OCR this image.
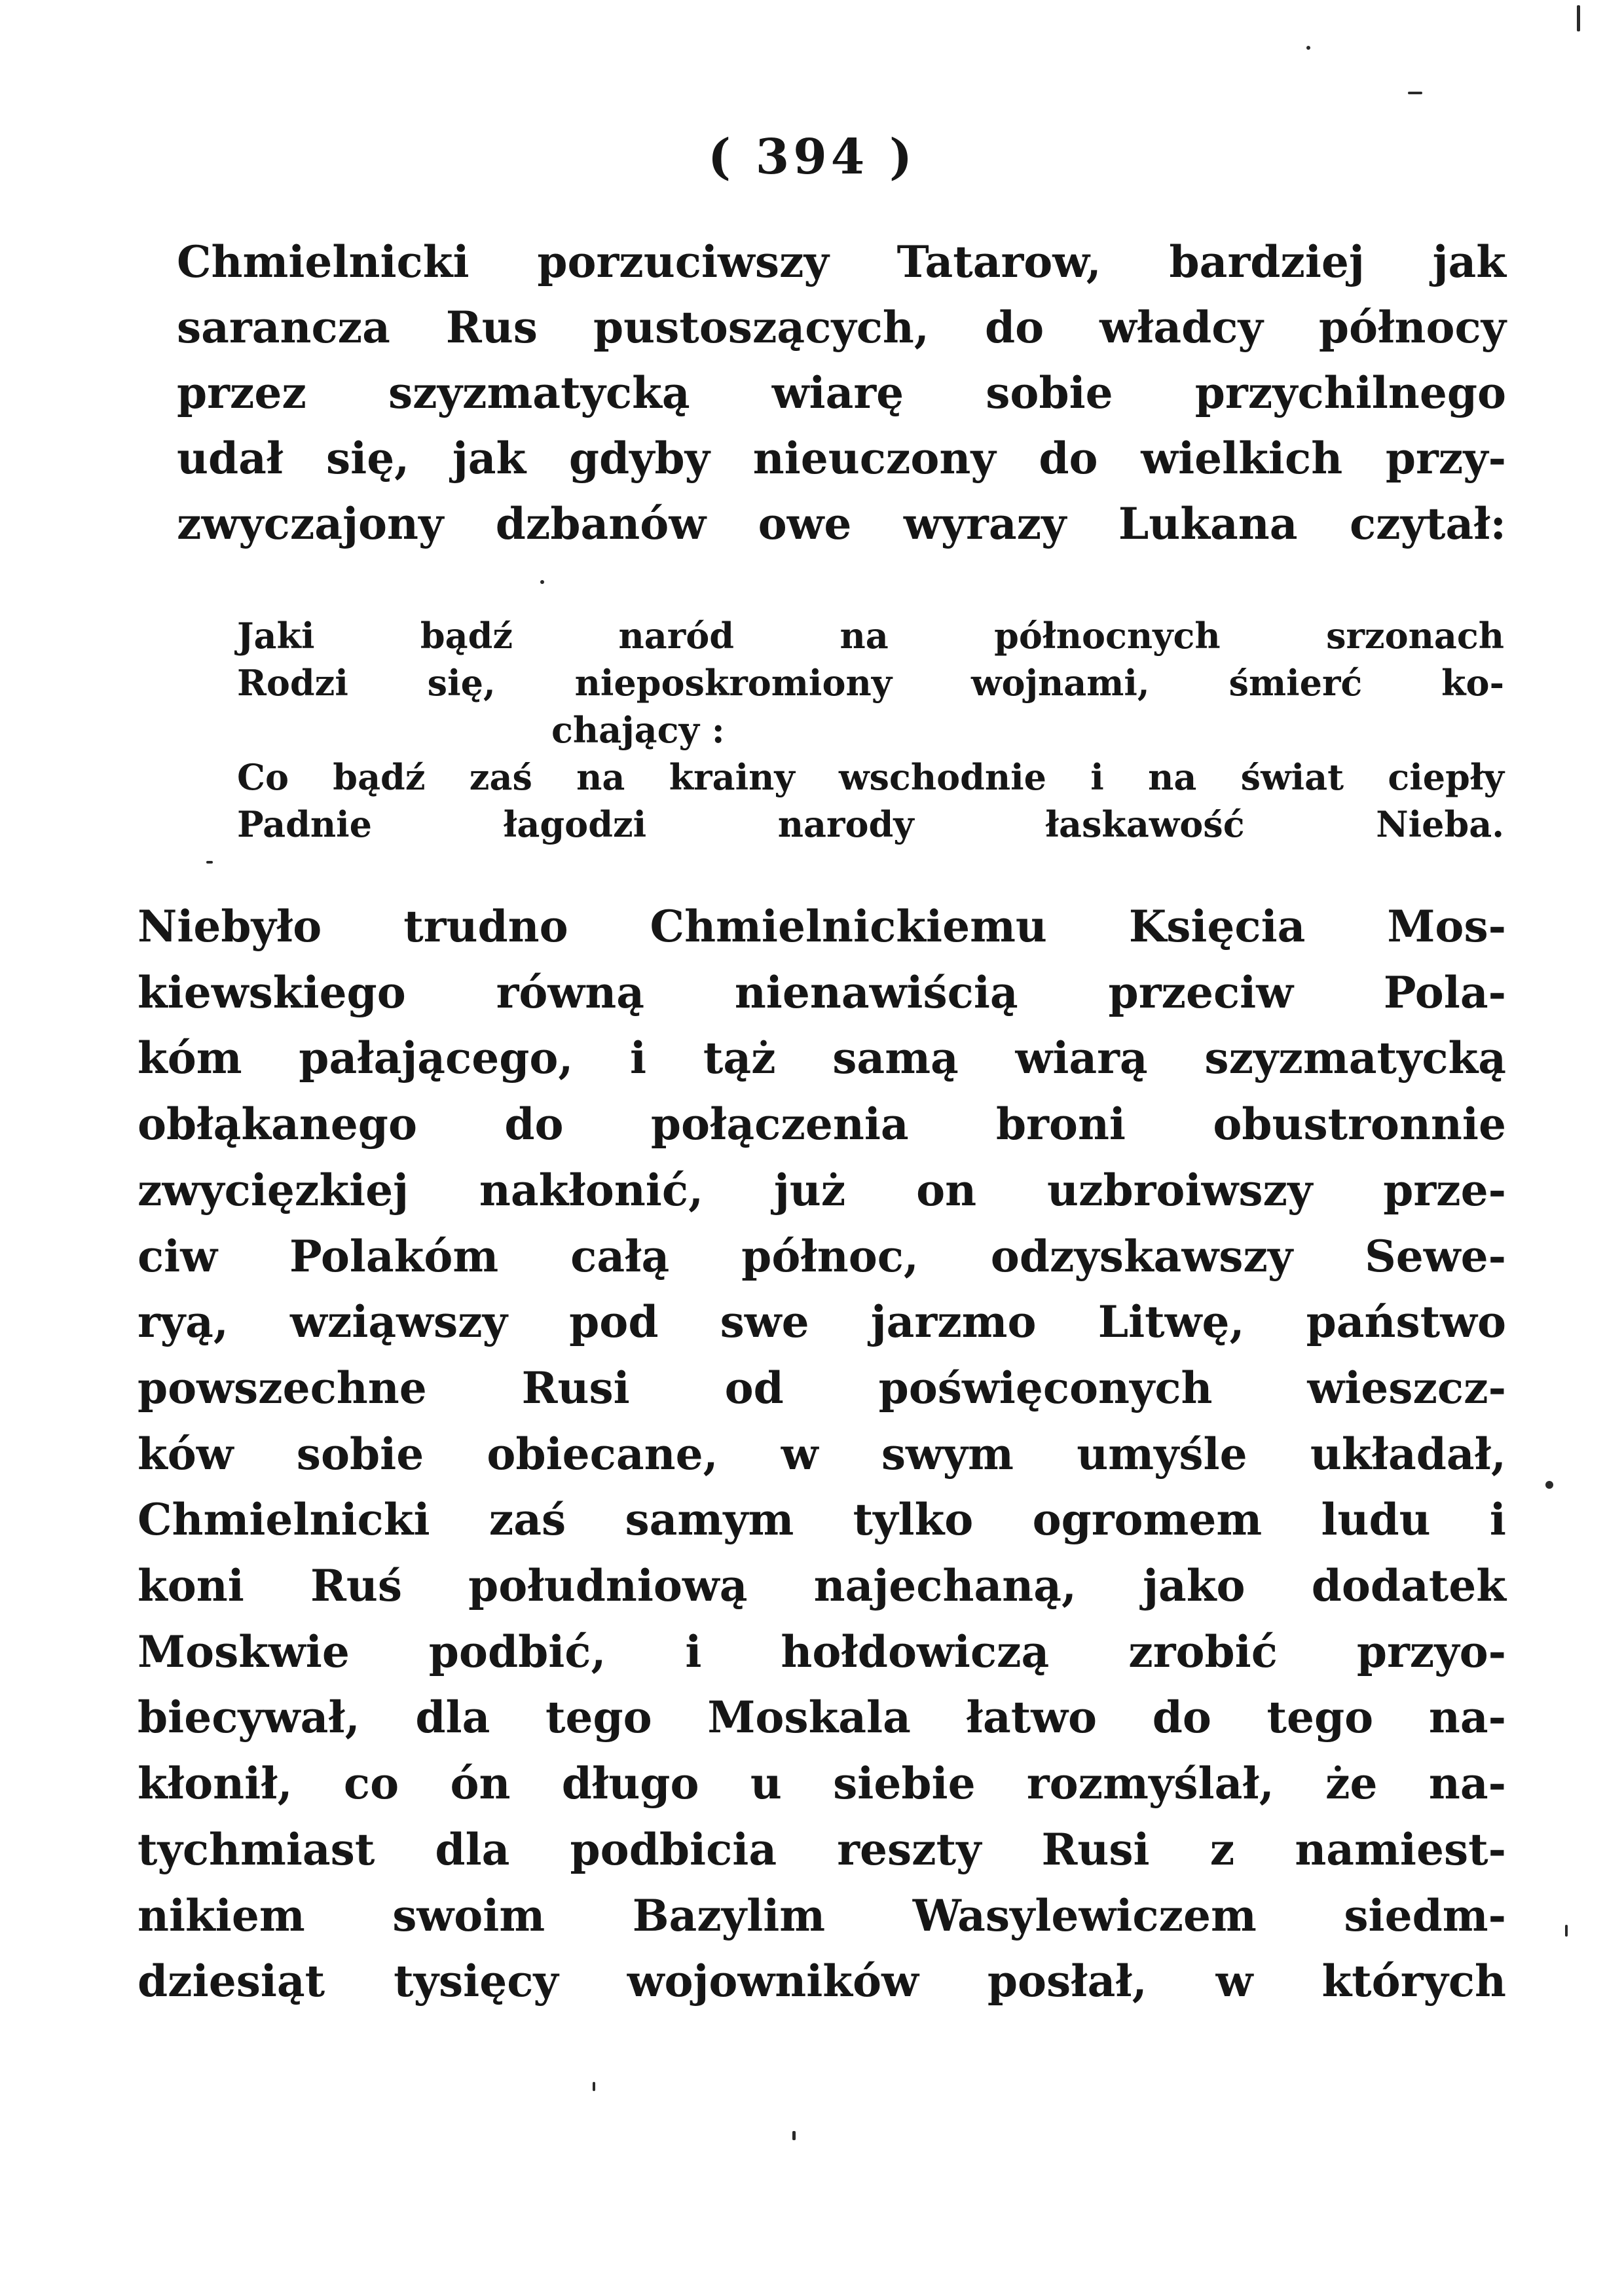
( 394 )
Chmielnicki porzuciwszy Tatarow, bardziej jak
sarancza Rus pustoszących, do władcy północy
przez szyzmatycką wiarę sobie przychilnego
udał się, jak gdyby nieuczony do wielkich przy-
zwyczajony dzbanów owe wyrazy Lukana czytał:
Jaki bądź naród na północnych srzonach
Rodzi się, nieposkromiony wojnami, śmierć ko-
chający :
Co bądź zaś na krainy wschodnie i na świat ciepły
Padnie łagodzi narody łaskawość Nieba.
Niebyło trudno Chmielnickiemu Księcia Mos-
kiewskiego równą nienawiścią przeciw Pola-
kóm pałającego, i tąż samą wiarą szyzmatycką
obłąkanego do połączenia broni obustronnie
zwycięzkiej nakłonić, już on uzbroiwszy prze-
ciw Polakóm całą północ, odzyskawszy Sewe-
ryą, wziąwszy pod swe jarzmo Litwę, państwo
powszechne Rusi od poświęconych wieszcz-
ków sobie obiecane, w swym umyśle układał,
Chmielnicki zaś samym tylko ogromem ludu i
koni Ruś południową najechaną, jako dodatek
Moskwie podbić, i hołdowiczą zrobić przyo-
biecywał, dla tego Moskala łatwo do tego na-
kłonił, co ón długo u siebie rozmyślał, że na-
tychmiast dla podbicia reszty Rusi z namiest-
nikiem swoim Bazylim Wasylewiczem siedm-
dziesiąt tysięcy wojowników posłał, w których
